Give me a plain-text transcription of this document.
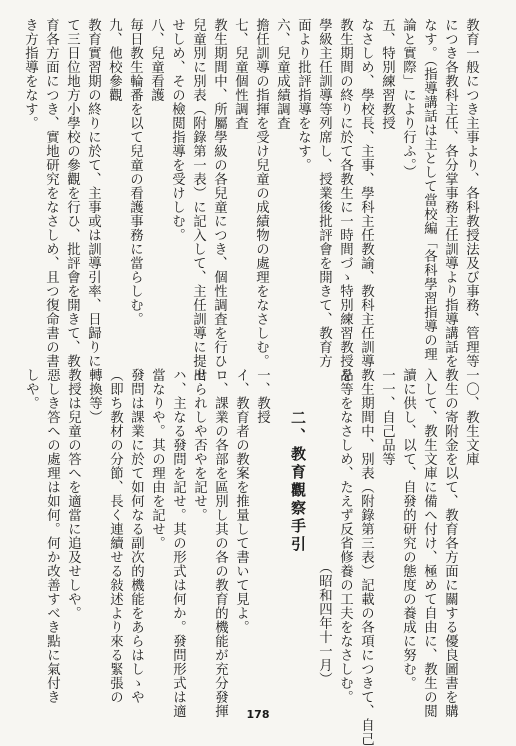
教育一般につき主事より、各科教授法及び事務、管理等
につき各教科主任、各分掌事務主任訓導より指導講話を
なす。（指導講話は主として當校編「各科學習指導の理
論と實際」により行ふ。）
五、特別練習教授
なさしめ、學校長、主事、學科主任教諭、教科主任訓導
教生期間の終りに於て各教生に一時間づゝ特別練習教授を
學級主任訓導等列席し、授業後批評會を開きて、教育方
面より批評指導をなす。
六、兒童成績調査
擔任訓導の指揮を受け兒童の成績物の處理をなさしむ。
七、兒童個性調査
教生期間中、所屬學級の各兒童につき、個性調査を行ひ
兒童別に別表（附錄第一表）に記入して、主任訓導に提出
せしめ、その檢閲指導を受けしむ。
八、兒童看護
毎日教生輪番を以て兒童の看護事務に當らしむ。
九、他校參觀
教育實習期の終りに於て、主事或は訓導引率、日歸りに
て三日位地方小學校の參觀を行ひ、批評會を開きて、教
育各方面につき、實地研究をなさしめ、且つ復命書の書
き方指導をなす。
一〇、教生文庫
教生の寄附金を以て、教育各方面に關する優良圖書を購
入して、教生文庫に備へ付け、極めて自由に、教生の閲
讀に供し、以て、自發的研究の態度の養成に努む。
一一、自己品等
教生期間中、別表（附錄第三表）記載の各項につきて、自己
品等をなさしめ、たえず反省修養の工夫をなさしむ。
（昭和四年十一月）
二、教育觀察手引
一、教授
イ、教育者の教案を推量して書いて見よ。
ロ、課業の各部を區別し其の各の教育的機能が充分發揮
せられしや否やを記せ。
ハ、主なる發問を記せ。其の形式は何か。發問形式は適
當なりや。其の理由を記せ。
發問は課業に於て如何なる副次的機能をあらはしゝや
（即ち教材の分節、長く連續せる敍述より來る緊張の
轉換等）
教授は兒童の答へを適當に追及せしや。
惡しき答への處理は如何。何か改善すべき點に氣付き
しや。
178
